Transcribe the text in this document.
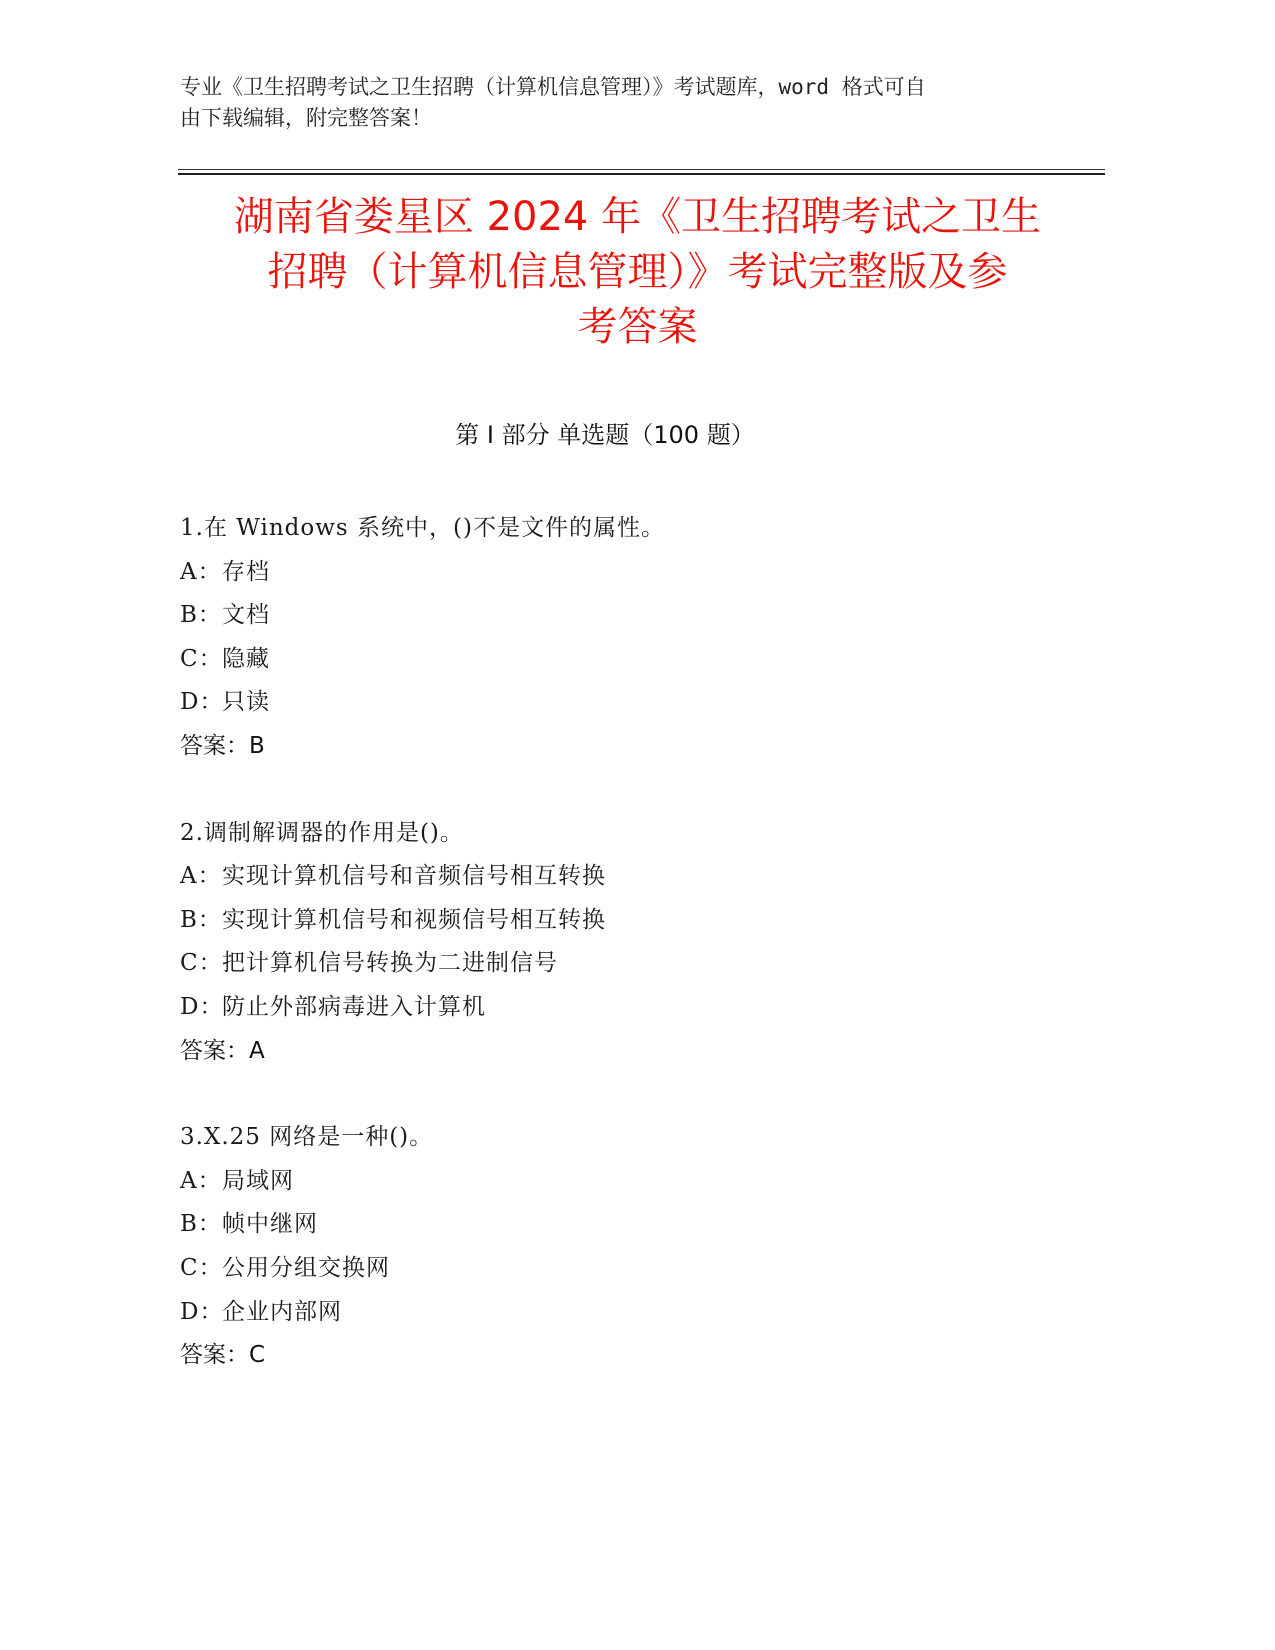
专业《卫生招聘考试之卫生招聘（计算机信息管理）》考试题库，word 格式可自
由下载编辑，附完整答案！
湖南省娄星区 2024 年《卫生招聘考试之卫生
招聘（计算机信息管理）》考试完整版及参
考答案
第 I 部分 单选题（100 题）
1.在 Windows 系统中，()不是文件的属性。
A：存档
B：文档
C：隐藏
D：只读
答案：B
2.调制解调器的作用是()。
A：实现计算机信号和音频信号相互转换
B：实现计算机信号和视频信号相互转换
C：把计算机信号转换为二进制信号
D：防止外部病毒进入计算机
答案：A
3.X.25 网络是一种()。
A：局域网
B：帧中继网
C：公用分组交换网
D：企业内部网
答案：C
